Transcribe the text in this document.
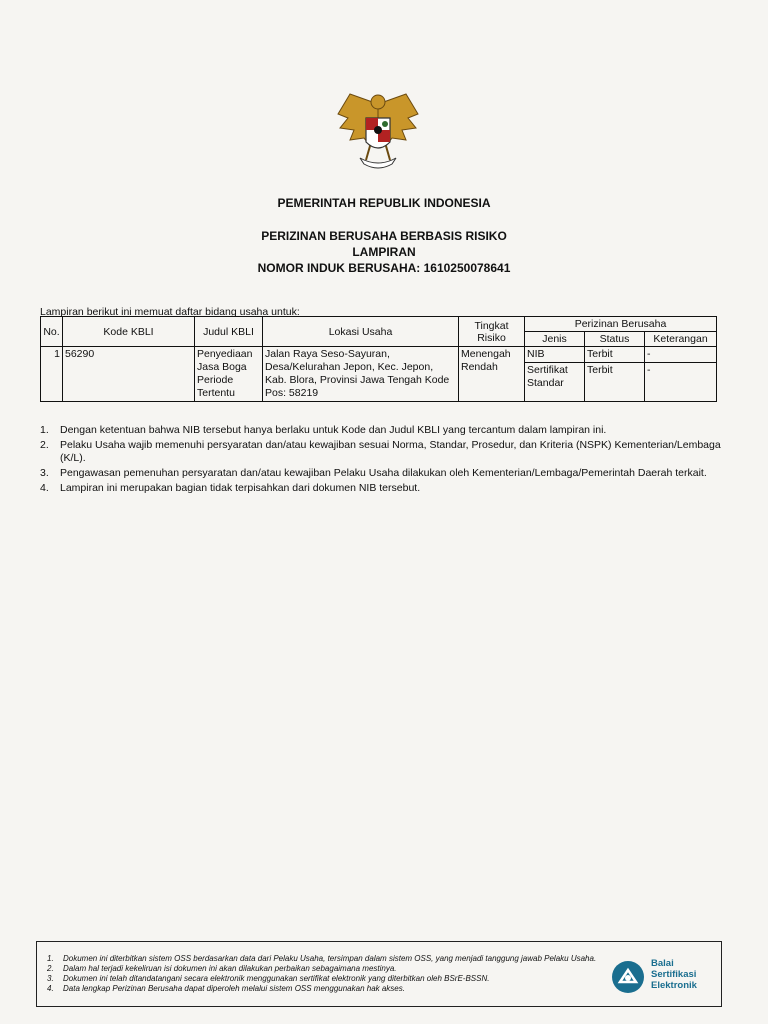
PEMERINTAH REPUBLIK INDONESIA
PERIZINAN BERUSAHA BERBASIS RISIKO
LAMPIRAN
NOMOR INDUK BERUSAHA: 1610250078641
Lampiran berikut ini memuat daftar bidang usaha untuk:
No.	Kode KBLI	Judul KBLI	Lokasi Usaha	Tingkat Risiko	Perizinan Berusaha		
					Jenis	Status	Keterangan
1	56290	Penyediaan Jasa Boga Periode Tertentu	Jalan Raya Seso-Sayuran, Desa/Kelurahan Jepon, Kec. Jepon, Kab. Blora, Provinsi Jawa Tengah Kode Pos: 58219	Menengah Rendah	NIB	Terbit	-
					Sertifikat Standar	Terbit	-
1. Dengan ketentuan bahwa NIB tersebut hanya berlaku untuk Kode dan Judul KBLI yang tercantum dalam lampiran ini.
2. Pelaku Usaha wajib memenuhi persyaratan dan/atau kewajiban sesuai Norma, Standar, Prosedur, dan Kriteria (NSPK) Kementerian/Lembaga (K/L).
3. Pengawasan pemenuhan persyaratan dan/atau kewajiban Pelaku Usaha dilakukan oleh Kementerian/Lembaga/Pemerintah Daerah terkait.
4. Lampiran ini merupakan bagian tidak terpisahkan dari dokumen NIB tersebut.
1. Dokumen ini diterbitkan sistem OSS berdasarkan data dari Pelaku Usaha, tersimpan dalam sistem OSS, yang menjadi tanggung jawab Pelaku Usaha.
2. Dalam hal terjadi kekeliruan isi dokumen ini akan dilakukan perbaikan sebagaimana mestinya.
3. Dokumen ini telah ditandatangani secara elektronik menggunakan sertifikat elektronik yang diterbitkan oleh BSrE-BSSN.
4. Data lengkap Perizinan Berusaha dapat diperoleh melalui sistem OSS menggunakan hak akses.
Balai
Sertifikasi
Elektronik
